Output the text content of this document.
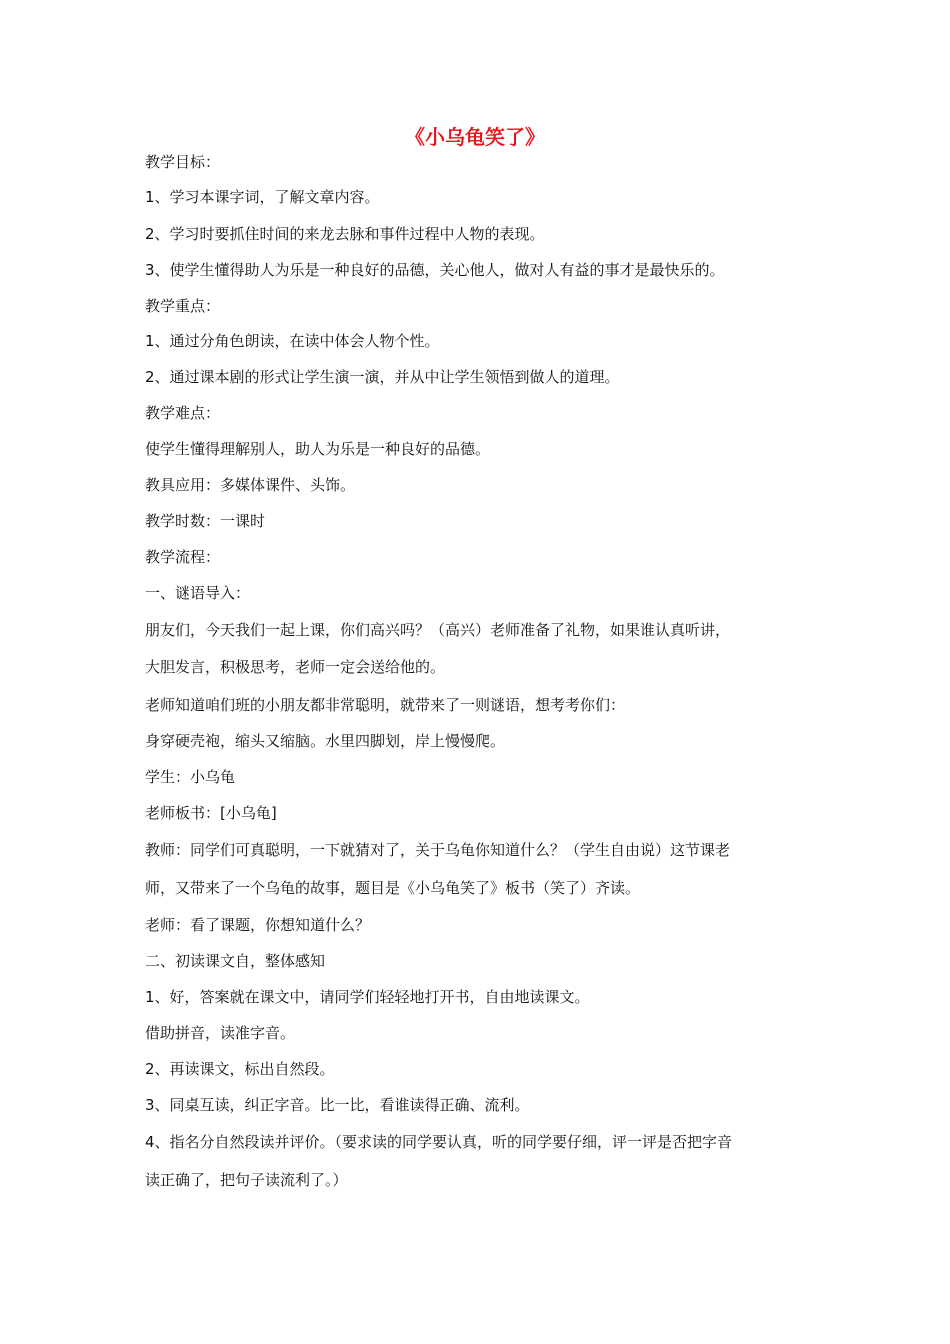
《小乌龟笑了》
教学目标：
1、学习本课字词，了解文章内容。
2、学习时要抓住时间的来龙去脉和事件过程中人物的表现。
3、使学生懂得助人为乐是一种良好的品德，关心他人，做对人有益的事才是最快乐的。
教学重点：
1、通过分角色朗读，在读中体会人物个性。
2、通过课本剧的形式让学生演一演，并从中让学生领悟到做人的道理。
教学难点：
使学生懂得理解别人，助人为乐是一种良好的品德。
教具应用：多媒体课件、头饰。
教学时数：一课时
教学流程：
一、谜语导入：
朋友们，今天我们一起上课，你们高兴吗？（高兴）老师准备了礼物，如果谁认真听讲，
大胆发言，积极思考，老师一定会送给他的。
老师知道咱们班的小朋友都非常聪明，就带来了一则谜语，想考考你们：
身穿硬壳袍，缩头又缩脑。水里四脚划，岸上慢慢爬。
学生：小乌龟
老师板书：[小乌龟]
教师：同学们可真聪明，一下就猜对了，关于乌龟你知道什么？（学生自由说）这节课老
师，又带来了一个乌龟的故事，题目是《小乌龟笑了》板书（笑了）齐读。
老师：看了课题，你想知道什么？
二、初读课文自，整体感知
1、好，答案就在课文中，请同学们轻轻地打开书，自由地读课文。
借助拼音，读准字音。
2、再读课文，标出自然段。
3、同桌互读，纠正字音。比一比，看谁读得正确、流利。
4、指名分自然段读并评价。（要求读的同学要认真，听的同学要仔细，评一评是否把字音
读正确了，把句子读流利了。）
